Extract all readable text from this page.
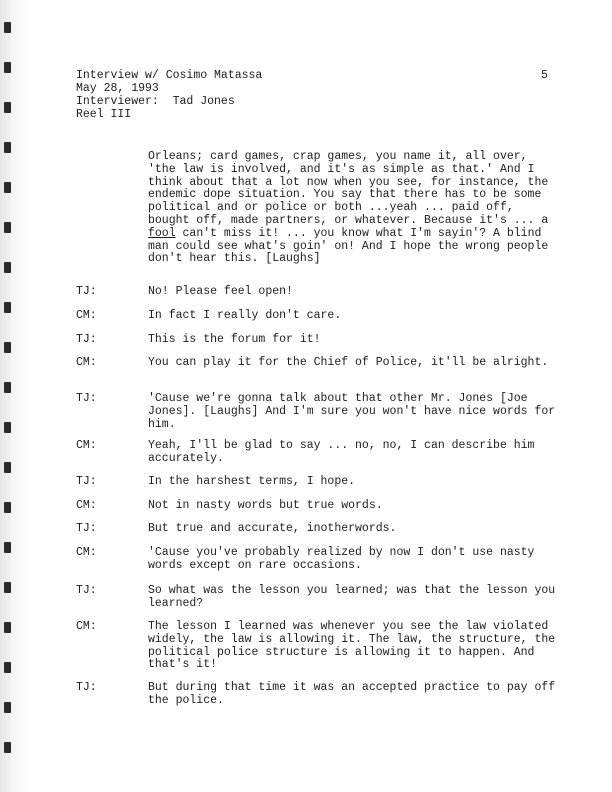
Interview w/ Cosimo Matassa
May 28, 1993
Interviewer:  Tad Jones
Reel III
5
Orleans; card games, crap games, you name it, all over, 'the law is involved, and it's as simple as that.' And I think about that a lot now when you see, for instance, the endemic dope situation. You say that there has to be some political and or police or both ...yeah ... paid off, bought off, made partners, or whatever. Because it's ... a fool can't miss it! ... you know what I'm sayin'? A blind man could see what's goin' on! And I hope the wrong people don't hear this. [Laughs]
TJ:	No! Please feel open!
CM:	In fact I really don't care.
TJ:	This is the forum for it!
CM:	You can play it for the Chief of Police, it'll be alright.
TJ:	'Cause we're gonna talk about that other Mr. Jones [Joe Jones]. [Laughs] And I'm sure you won't have nice words for him.
CM:	Yeah, I'll be glad to say ... no, no, I can describe him accurately.
TJ:	In the harshest terms, I hope.
CM:	Not in nasty words but true words.
TJ:	But true and accurate, inotherwords.
CM:	'Cause you've probably realized by now I don't use nasty words except on rare occasions.
TJ:	So what was the lesson you learned; was that the lesson you learned?
CM:	The lesson I learned was whenever you see the law violated widely, the law is allowing it. The law, the structure, the political police structure is allowing it to happen. And that's it!
TJ:	But during that time it was an accepted practice to pay off the police.
